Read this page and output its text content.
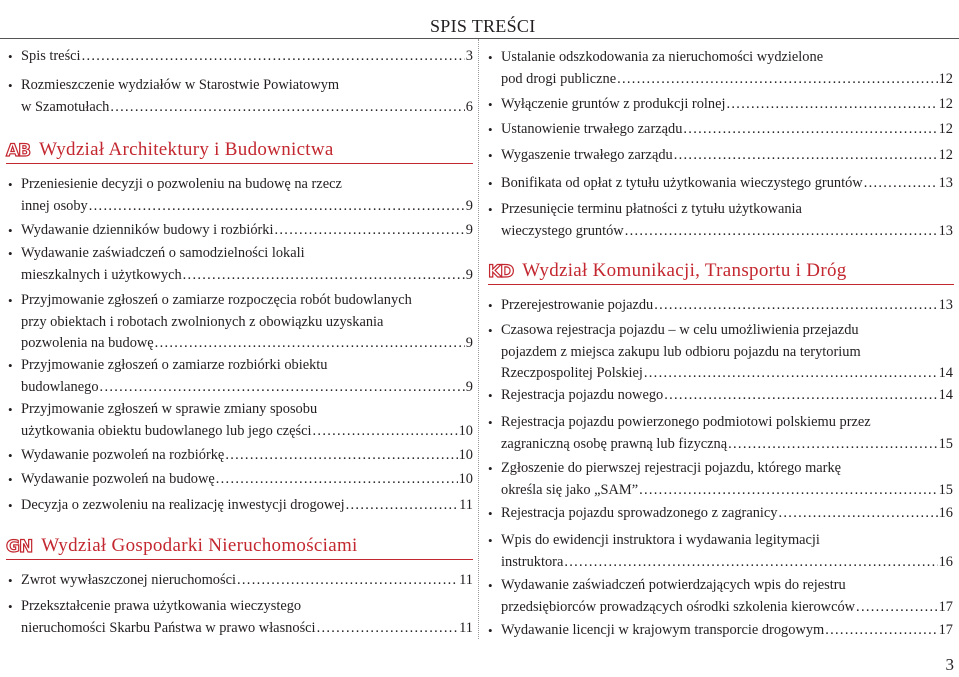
SPIS TREŚCI
• Spis treści .....	3
• Rozmieszczenie wydziałów w Starostwie Powiatowym
w Szamotułach .....	6
AB Wydział Architektury i Budownictwa
• Przeniesienie decyzji o pozwoleniu na budowę na rzecz
innej osoby .....	9
• Wydawanie dzienników budowy i rozbiórki .....	9
• Wydawanie zaświadczeń o samodzielności lokali
mieszkalnych i użytkowych .....	9
• Przyjmowanie zgłoszeń o zamiarze rozpoczęcia robót budowlanych
przy obiektach i robotach zwolnionych z obowiązku uzyskania
pozwolenia na budowę .....	9
• Przyjmowanie zgłoszeń o zamiarze rozbiórki obiektu
budowlanego .....	9
• Przyjmowanie zgłoszeń w sprawie zmiany sposobu
użytkowania obiektu budowlanego lub jego części .....	10
• Wydawanie pozwoleń na rozbiórkę .....	10
• Wydawanie pozwoleń na budowę .....	10
• Decyzja o zezwoleniu na realizację inwestycji drogowej .....	11
GN Wydział Gospodarki Nieruchomościami
• Zwrot wywłaszczonej nieruchomości .....	11
• Przekształcenie prawa użytkowania wieczystego
nieruchomości Skarbu Państwa w prawo własności .....	11
• Ustalanie odszkodowania za nieruchomości wydzielone
pod drogi publiczne .....	12
• Wyłączenie gruntów z produkcji rolnej .....	12
• Ustanowienie trwałego zarządu .....	12
• Wygaszenie trwałego zarządu .....	12
• Bonifikata od opłat z tytułu użytkowania wieczystego gruntów .....	13
• Przesunięcie terminu płatności z tytułu użytkowania
wieczystego gruntów .....	13
KD Wydział Komunikacji, Transportu i Dróg
• Przerejestrowanie pojazdu .....	13
• Czasowa rejestracja pojazdu – w celu umożliwienia przejazdu
pojazdem z miejsca zakupu lub odbioru pojazdu na terytorium
Rzeczpospolitej Polskiej .....	14
• Rejestracja pojazdu nowego .....	14
• Rejestracja pojazdu powierzonego podmiotowi polskiemu przez
zagraniczną osobę prawną lub fizyczną .....	15
• Zgłoszenie do pierwszej rejestracji pojazdu, którego markę
określa się jako „SAM” .....	15
• Rejestracja pojazdu sprowadzonego z zagranicy .....	16
• Wpis do ewidencji instruktora i wydawania legitymacji
instruktora .....	16
• Wydawanie zaświadczeń potwierdzających wpis do rejestru
przedsiębiorców prowadzących ośrodki szkolenia kierowców .....	17
• Wydawanie licencji w krajowym transporcie drogowym .....	17
3
